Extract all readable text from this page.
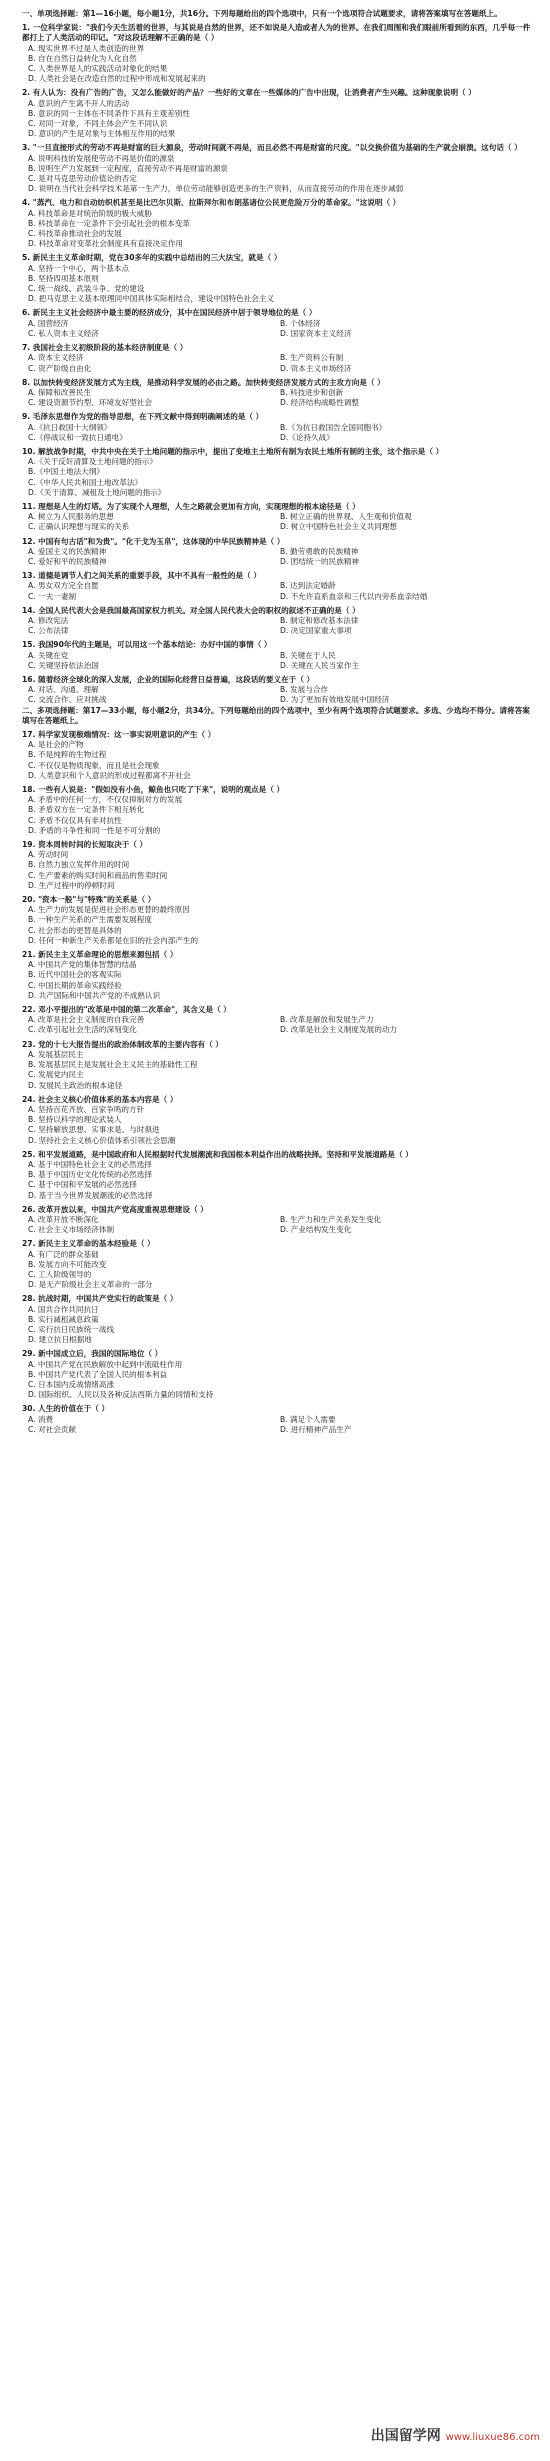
一、单项选择题：第1—16小题，每小题1分，共16分。下列每题给出的四个选项中，只有一个选项符合试题要求，请将答案填写在答题纸上。
1. 一位科学家说："我们今天生活着的世界，与其说是自然的世界，还不如说是人造或者人为的世界。在我们周围和我们眼前所看到的东西，几乎每一件都打上了人类活动的印记。"对这段话理解不正确的是（ ）
A. 现实世界不过是人类创造的世界
B. 自在自然日益转化为人化自然
C. 人类世界是人的实践活动对象化的结果
D. 人类社会是在改造自然的过程中形成和发展起来的
2. 有人认为：没有广告的广告，又怎么能做好的产品？一些好的文章在一些媒体的广告中出现，让消费者产生兴趣。这种现象说明（ ）
A. 意识的产生离不开人的活动
B. 意识的同一主体在不同条件下具有主观差别性
C. 对同一对象，不同主体会产生不同认识
D. 意识的产生是对象与主体相互作用的结果
3. "一旦直接形式的劳动不再是财富的巨大源泉，劳动时间就不再是，而且必然不再是财富的尺度。"以交换价值为基础的生产就会崩溃。这句话（ ）
A. 说明科技的发展使劳动不再是价值的源泉
B. 说明生产力发展到一定程度，直接劳动不再是财富的源泉
C. 是对马克思劳动价值论的否定
D. 说明在当代社会科学技术是第一生产力，单位劳动能够创造更多的生产资料，从而直接劳动的作用在逐步减弱
4. "蒸汽、电力和自动纺织机甚至是比巴尔贝斯、拉斯拜尔和布朗基诸位公民更危险万分的革命家。"这说明（ ）
A. 科技革命是对统治阶级的极大威胁
B. 科技革命在一定条件下会引起社会的根本变革
C. 科技革命推动社会的发展
D. 科技革命对变革社会制度具有直接决定作用
5. 新民主主义革命时期，党在30多年的实践中总结出的三大法宝，就是（ ）
A. 坚持一个中心，两个基本点
B. 坚持四项基本原则
C. 统一战线、武装斗争、党的建设
D. 把马克思主义基本原理同中国具体实际相结合，建设中国特色社会主义
6. 新民主主义社会经济中最主要的经济成分，其中在国民经济中居于领导地位的是（ ）
A. 国营经济	B. 个体经济
C. 私人资本主义经济	D. 国家资本主义经济
7. 我国社会主义初级阶段的基本经济制度是（ ）
A. 资本主义经济	B. 生产资料公有制
C. 资产阶级自由化	D. 资本主义市场经济
8. 以加快转变经济发展方式为主线，是推动科学发展的必由之路。加快转变经济发展方式的主攻方向是（ ）
A. 保障和改善民生	B. 科技进步和创新
C. 建设资源节约型、环境友好型社会	D. 经济结构战略性调整
9. 毛泽东思想作为党的指导思想，在下列文献中得到明确阐述的是（ ）
A.《抗日救国十大纲领》	B.《为抗日救国告全国同胞书》
C.《停战议和一致抗日通电》	D.《论持久战》
10. 解放战争时期，中共中央在关于土地问题的指示中，提出了变地主土地所有制为农民土地所有制的主张，这个指示是（ ）
A.《关于反奸清算及土地问题的指示》
B.《中国土地法大纲》
C.《中华人民共和国土地改革法》
D.《关于清算、减租及土地问题的指示》
11. 理想是人生的灯塔。为了实现个人理想，人生之路就会更加有方向，实现理想的根本途径是（ ）
A. 树立为人民服务的思想	B. 树立正确的世界观、人生观和价值观
C. 正确认识理想与现实的关系	D. 树立中国特色社会主义共同理想
12. 中国有句古话"和为贵"。"化干戈为玉帛"，这体现的中华民族精神是（ ）
A. 爱国主义的民族精神	B. 勤劳勇敢的民族精神
C. 爱好和平的民族精神	D. 团结统一的民族精神
13. 道德是调节人们之间关系的重要手段，其中不具有一般性的是（ ）
A. 男女双方完全自愿	B. 达到法定婚龄
C. 一夫一妻制	D. 不允许直系血亲和三代以内旁系血亲结婚
14. 全国人民代表大会是我国最高国家权力机关。对全国人民代表大会的职权的叙述不正确的是（ ）
A. 修改宪法	B. 制定和修改基本法律
C. 公布法律	D. 决定国家重大事项
15. 我国90年代的主题是，可以用这一个基本结论：办好中国的事情（ ）
A. 关键在党	B. 关键在于人民
C. 关键坚持依法治国	D. 关键在人民当家作主
16. 随着经济全球化的深入发展，企业的国际化经营日益普遍，这段话的要义在于（ ）
A. 对话、沟通、理解	B. 发展与合作
C. 交流合作、应对挑战	D. 为了更加有效地发展中国经济
二、多项选择题：第17—33小题，每小题2分，共34分。下列每题给出的四个选项中，至少有两个选项符合试题要求。多选、少选均不得分。请将答案填写在答题纸上。
17. 科学家发现极端情况：这一事实说明意识的产生（ ）
A. 是社会的产物
B. 不是纯粹的生物过程
C. 不仅仅是物质现象，而且是社会现象
D. 人类意识和个人意识的形成过程都离不开社会
18. 一些有人说是："假如没有小鱼，鲸鱼也只吃了下来"，说明的观点是（ ）
A. 矛盾中的任何一方，不仅仅抑制对方的发展
B. 矛盾双方在一定条件下相互转化
C. 矛盾不仅仅具有非对抗性
D. 矛盾的斗争性和同一性是不可分割的
19. 资本周转时间的长短取决于（ ）
A. 劳动时间
B. 自然力独立发挥作用的时间
C. 生产要素的购买时间和商品的售卖时间
D. 生产过程中的停顿时间
20. "资本一般"与"特殊"的关系是（ ）
A. 生产力的发展是促进社会形态更替的最终原因
B. 一种生产关系的产生需要发展程度
C. 社会形态的更替是具体的
D. 任何一种新生产关系都是在旧的社会内部产生的
21. 新民主主义革命理论的思想来源包括（ ）
A. 中国共产党的集体智慧的结晶
B. 近代中国社会的客观实际
C. 中国长期的革命实践经验
D. 共产国际和中国共产党的不成熟认识
22. 邓小平提出的"改革是中国的第二次革命"，其含义是（ ）
A. 改革是社会主义制度的自我完善	B. 改革是解放和发展生产力
C. 改革引起社会生活的深刻变化	D. 改革是社会主义制度发展的动力
23. 党的十七大报告提出的政治体制改革的主要内容有（ ）
A. 发展基层民主
B. 发展基层民主是发展社会主义民主的基础性工程
C. 发展党内民主
D. 发展民主政治的根本途径
24. 社会主义核心价值体系的基本内容是（ ）
A. 坚持百花齐放、百家争鸣的方针
B. 坚持以科学的理论武装人
C. 坚持解放思想、实事求是、与时俱进
D. 坚持社会主义核心价值体系引领社会思潮
25. 和平发展道路，是中国政府和人民根据时代发展潮流和我国根本利益作出的战略抉择。坚持和平发展道路是（ ）
A. 基于中国特色社会主义的必然选择
B. 基于中国历史文化传统的必然选择
C. 基于中国和平发展的必然选择
D. 基于当今世界发展潮流的必然选择
26. 改革开放以来，中国共产党高度重视思想建设（ ）
A. 改革开放不断深化	B. 生产力和生产关系发生变化
C. 社会主义市场经济体制	D. 产业结构发生变化
27. 新民主主义革命的基本经验是（ ）
A. 有广泛的群众基础
B. 发展方向不可能改变
C. 工人阶级领导的
D. 是无产阶级社会主义革命的一部分
28. 抗战时期，中国共产党实行的政策是（ ）
A. 国共合作共同抗日
B. 实行减租减息政策
C. 实行抗日民族统一战线
D. 建立抗日根据地
29. 新中国成立后，我国的国际地位（ ）
A. 中国共产党在民族解放中起到中流砥柱作用
B. 中国共产党代表了全国人民的根本利益
C. 日本国内反战情绪高涨
D. 国际组织、人民以及各种反法西斯力量的同情和支持
30. 人生的价值在于（ ）
A. 消费	B. 满足个人需要
C. 对社会贡献	D. 进行精神产品生产
出国留学网 www.liuxue86.com
